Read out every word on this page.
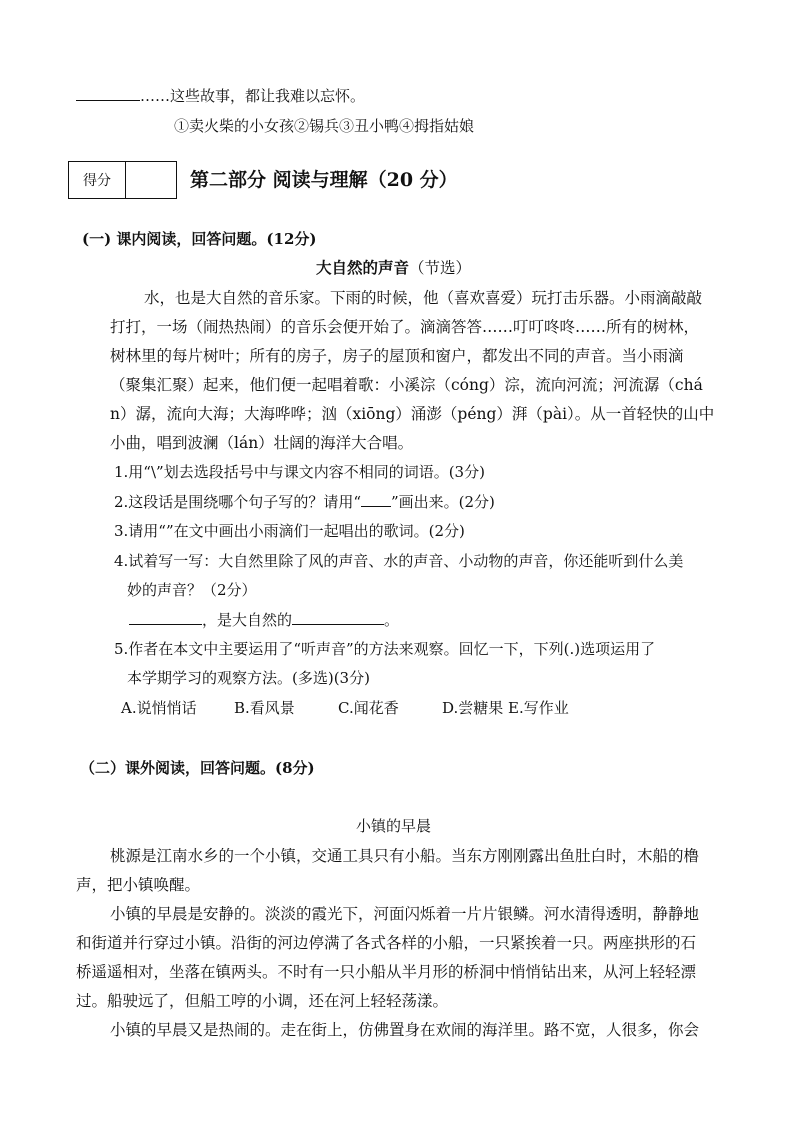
……这些故事，都让我难以忘怀。
①卖火柴的小女孩②锡兵③丑小鸭④拇指姑娘
得分		第二部分 阅读与理解（20 分）
(一) 课内阅读，回答问题。(12分)
大自然的声音（节选）
水，也是大自然的音乐家。下雨的时候，他（喜欢喜爱）玩打击乐器。小雨滴敲敲
打打，一场（闹热热闹）的音乐会便开始了。滴滴答答……叮叮咚咚……所有的树林，
树林里的每片树叶；所有的房子，房子的屋顶和窗户，都发出不同的声音。当小雨滴
（聚集汇聚）起来，他们便一起唱着歌：小溪淙（cóng）淙，流向河流；河流潺（chá
n）潺，流向大海；大海哗哗；汹（xiōng）涌澎（péng）湃（pài）。从一首轻快的山中
小曲，唱到波澜（lán）壮阔的海洋大合唱。
1.用“\”划去选段括号中与课文内容不相同的词语。(3分)
2.这段话是围绕哪个句子写的？请用“ ”画出来。(2分)
3.请用“”在文中画出小雨滴们一起唱出的歌词。(2分)
4.试着写一写：大自然里除了风的声音、水的声音、小动物的声音，你还能听到什么美
妙的声音？（2分）
，是大自然的	。
5.作者在本文中主要运用了“听声音”的方法来观察。回忆一下，下列(.)选项运用了
本学期学习的观察方法。(多选)(3分)
A.说悄悄话 B.看风景	C.闻花香	D.尝糖果 E.写作业
（二）课外阅读，回答问题。(8分)
小镇的早晨
桃源是江南水乡的一个小镇，交通工具只有小船。当东方刚刚露出鱼肚白时，木船的橹
声，把小镇唤醒。
小镇的早晨是安静的。淡淡的霞光下，河面闪烁着一片片银鳞。河水清得透明，静静地
和街道并行穿过小镇。沿街的河边停满了各式各样的小船，一只紧挨着一只。两座拱形的石
桥遥遥相对，坐落在镇两头。不时有一只小船从半月形的桥洞中悄悄钻出来，从河上轻轻漂
过。船驶远了，但船工哼的小调，还在河上轻轻荡漾。
小镇的早晨又是热闹的。走在街上，仿佛置身在欢闹的海洋里。路不宽，人很多，你会
